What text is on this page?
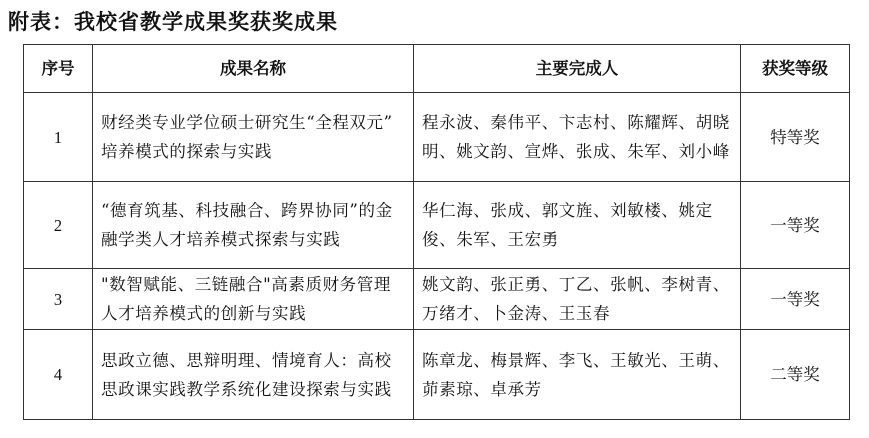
附表：我校省教学成果奖获奖成果
序号	成果名称	主要完成人	获奖等级
1	财经类专业学位硕士研究生“全程双元” 培养模式的探索与实践	程永波、秦伟平、卞志村、陈耀辉、胡晓明、姚文韵、宣烨、张成、朱军、刘小峰	特等奖
2	“德育筑基、科技融合、跨界协同”的金融学类人才培养模式探索与实践	华仁海、张成、郭文旌、刘敏楼、姚定俊、朱军、王宏勇	一等奖
3	"数智赋能、三链融合"高素质财务管理人才培养模式的创新与实践	姚文韵、张正勇、丁乙、张帆、李树青、万绪才、卜金涛、王玉春	一等奖
4	思政立德、思辩明理、情境育人：高校思政课实践教学系统化建设探索与实践	陈章龙、梅景辉、李飞、王敏光、王萌、茆素琼、卓承芳	二等奖
